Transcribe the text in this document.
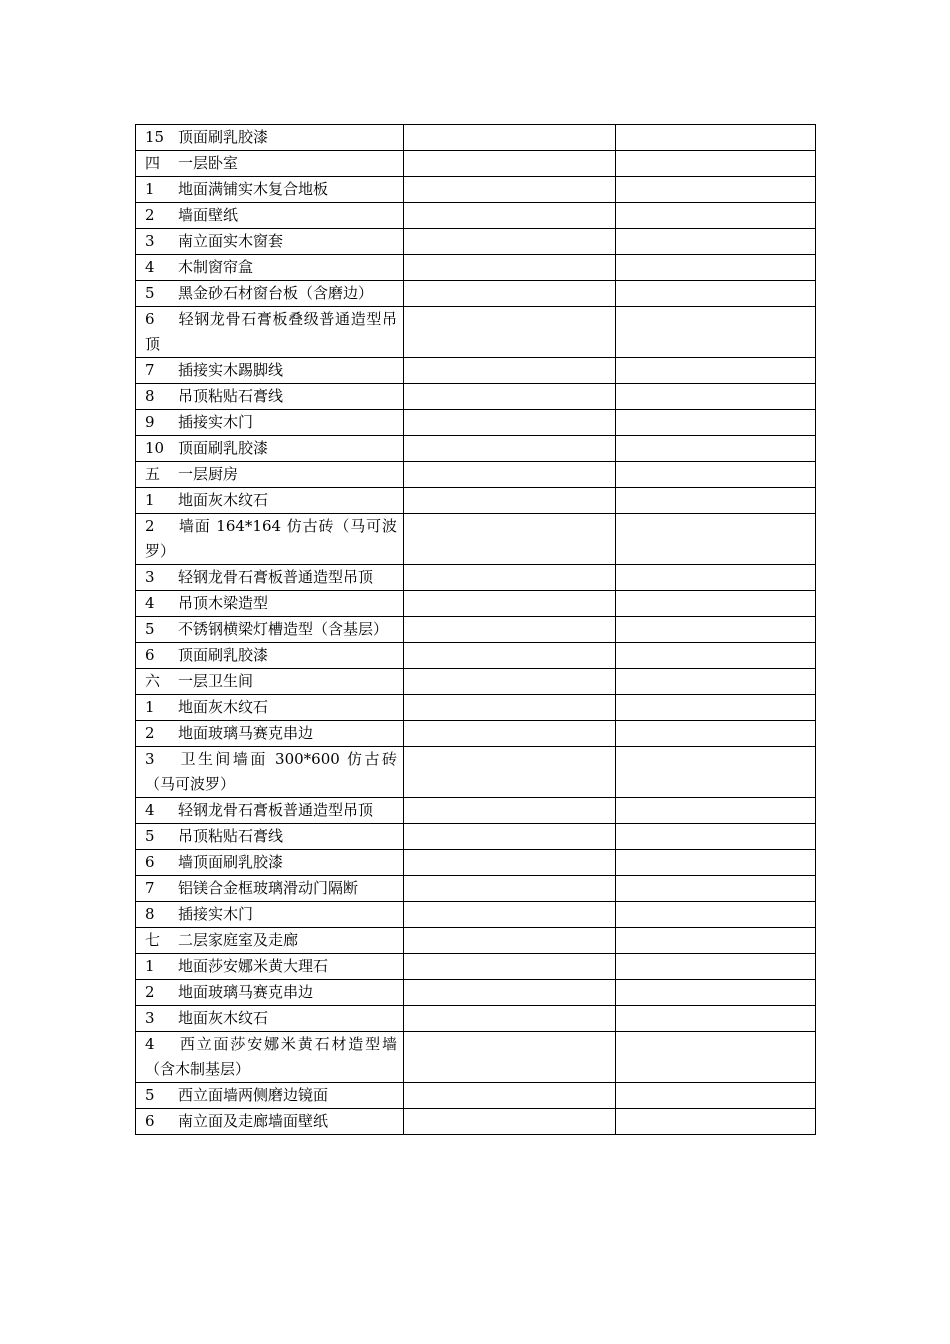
15 顶面刷乳胶漆		
四 一层卧室		
1 地面满铺实木复合地板		
2 墙面壁纸		
3 南立面实木窗套		
4 木制窗帘盒		
5 黑金砂石材窗台板（含磨边）		
6 轻钢龙骨石膏板叠级普通造型吊顶		
7 插接实木踢脚线		
8 吊顶粘贴石膏线		
9 插接实木门		
10 顶面刷乳胶漆		
五 一层厨房		
1 地面灰木纹石		
2 墙面 164*164 仿古砖（马可波罗）		
3 轻钢龙骨石膏板普通造型吊顶		
4 吊顶木梁造型		
5 不锈钢横梁灯槽造型（含基层）		
6 顶面刷乳胶漆		
六 一层卫生间		
1 地面灰木纹石		
2 地面玻璃马赛克串边		
3 卫生间墙面 300*600 仿古砖（马可波罗）		
4 轻钢龙骨石膏板普通造型吊顶		
5 吊顶粘贴石膏线		
6 墙顶面刷乳胶漆		
7 铝镁合金框玻璃滑动门隔断		
8 插接实木门		
七 二层家庭室及走廊		
1 地面莎安娜米黄大理石		
2 地面玻璃马赛克串边		
3 地面灰木纹石		
4 西立面莎安娜米黄石材造型墙（含木制基层）		
5 西立面墙两侧磨边镜面		
6 南立面及走廊墙面壁纸		
